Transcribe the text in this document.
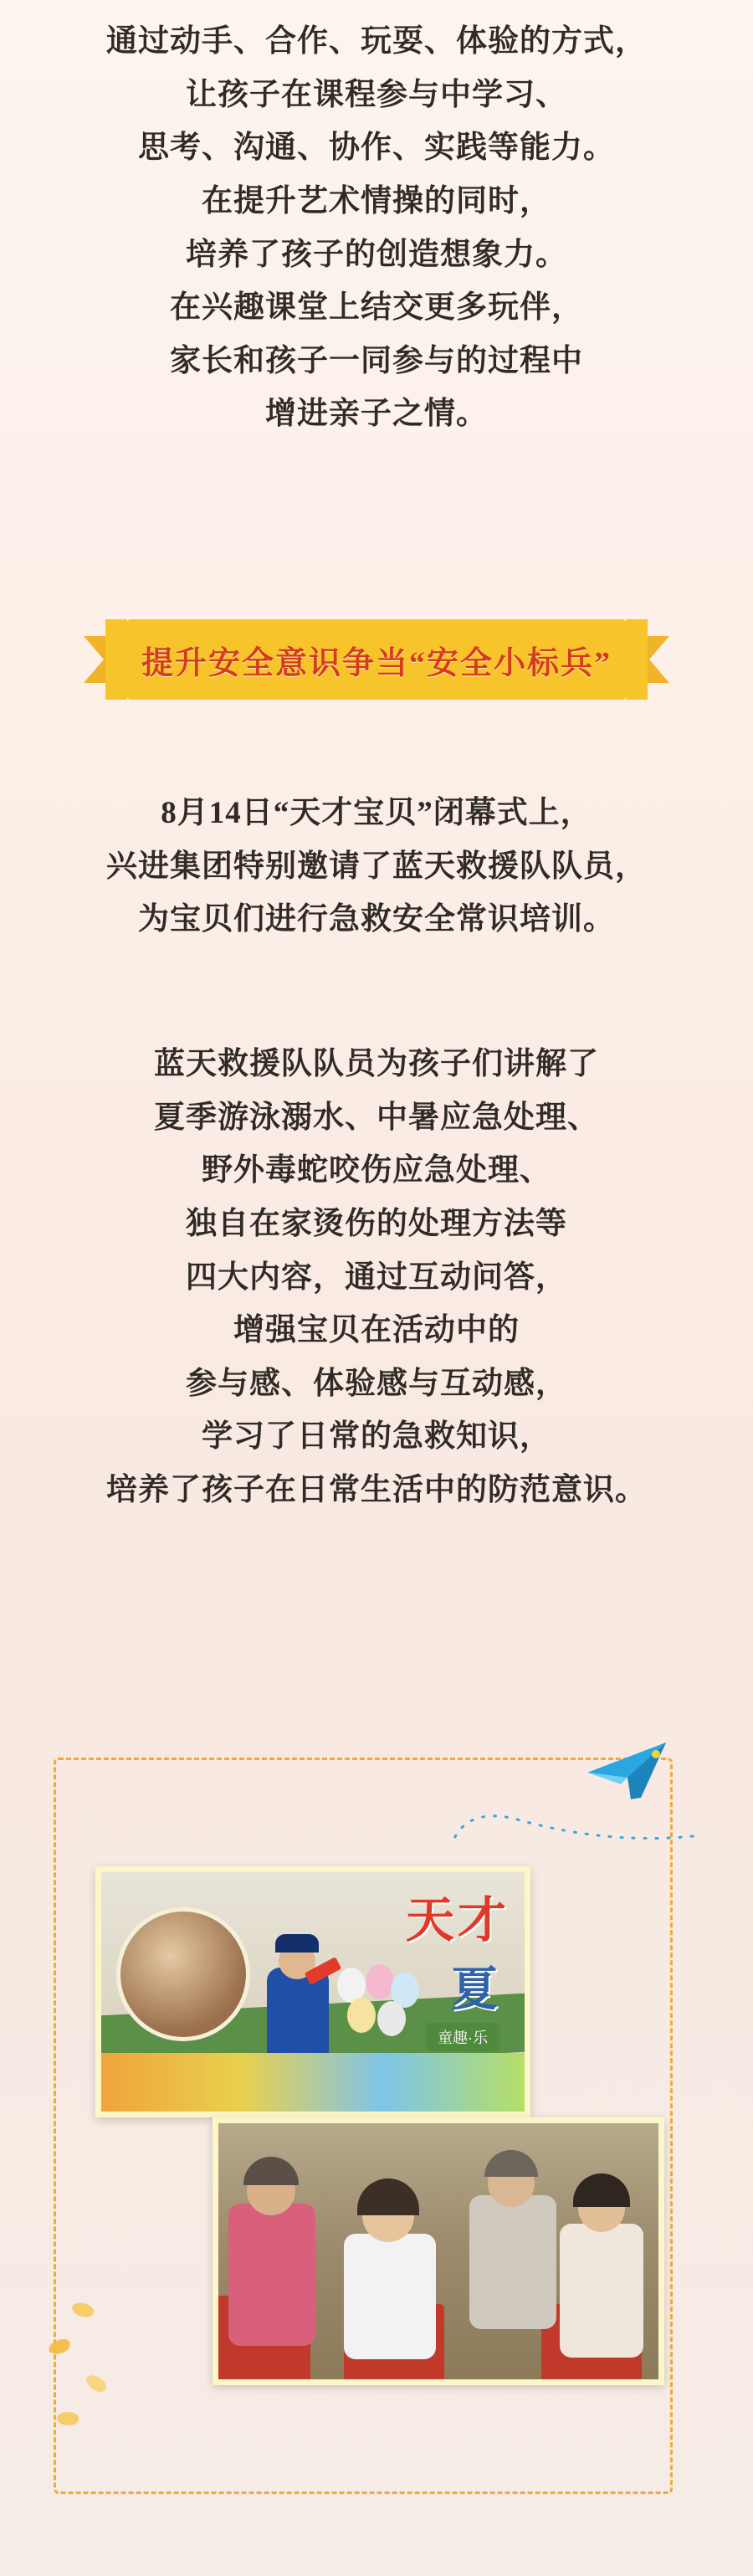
通过动手、合作、玩耍、体验的方式，
让孩子在课程参与中学习、
思考、沟通、协作、实践等能力。
在提升艺术情操的同时，
培养了孩子的创造想象力。
在兴趣课堂上结交更多玩伴，
家长和孩子一同参与的过程中
增进亲子之情。
提升安全意识争当“安全小标兵”
8月14日“天才宝贝”闭幕式上，
兴进集团特别邀请了蓝天救援队队员，
为宝贝们进行急救安全常识培训。
蓝天救援队队员为孩子们讲解了
夏季游泳溺水、中暑应急处理、
野外毒蛇咬伤应急处理、
独自在家烫伤的处理方法等
四大内容，通过互动问答，
增强宝贝在活动中的
参与感、体验感与互动感，
学习了日常的急救知识，
培养了孩子在日常生活中的防范意识。
天才
夏
童趣·乐
